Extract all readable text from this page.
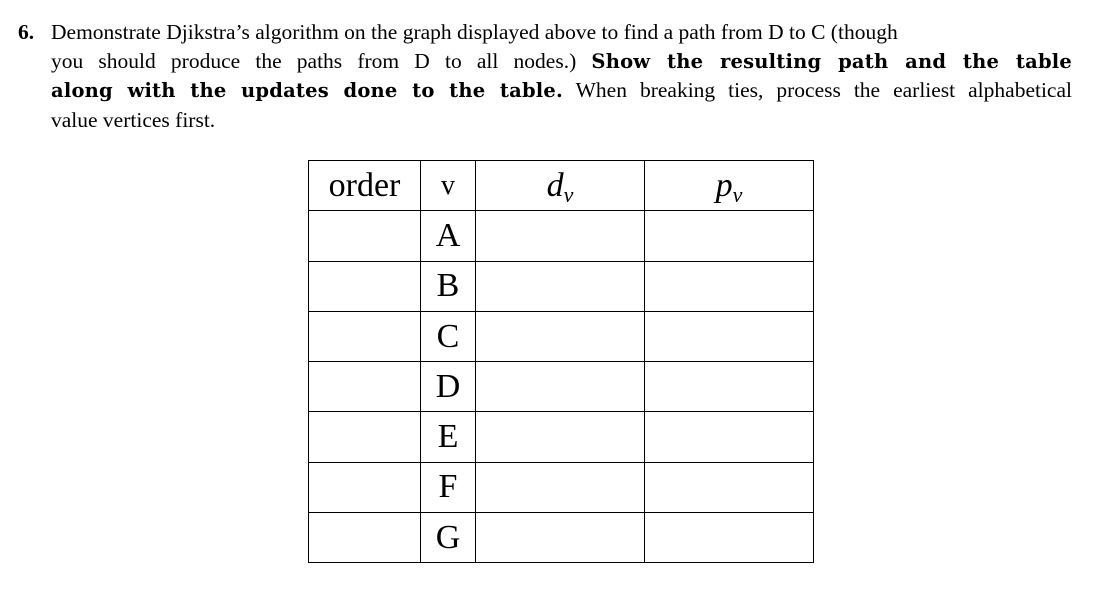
6. Demonstrate Djikstra’s algorithm on the graph displayed above to find a path from D to C (though
you should produce the paths from D to all nodes.) Show the resulting path and the table
along with the updates done to the table. When breaking ties, process the earliest alphabetical
value vertices first.
order	v	$d_v$	$p_v$
	A		
	B		
	C		
	D		
	E		
	F		
	G		
